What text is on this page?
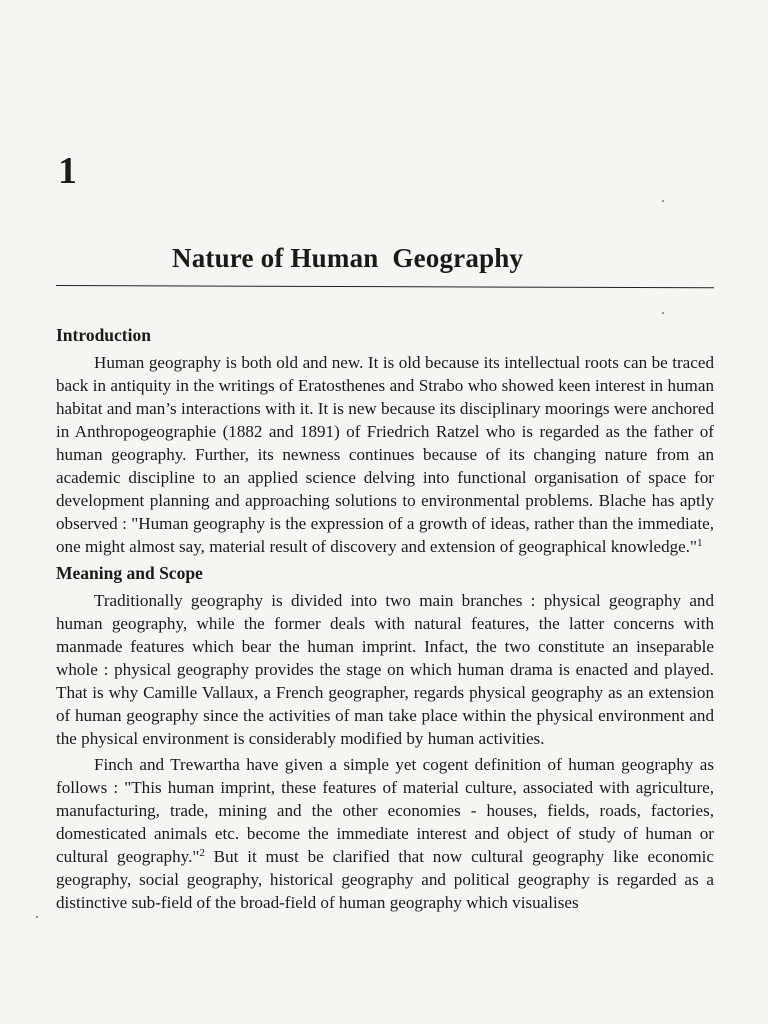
1
Nature of Human  Geography
Introduction

Human geography is both old and new. It is old because its intellectual roots can be traced back in antiquity in the writings of Eratosthenes and Strabo who showed keen interest in human habitat and man’s interactions with it. It is new because its disciplinary moorings were anchored in Anthropogeographie (1882 and 1891) of Friedrich Ratzel who is regarded as the father of human geography. Further, its newness continues because of its changing nature from an academic discipline to an applied science delving into functional organisation of space for development planning and approaching solutions to environmental problems. Blache has aptly observed : "Human geography is the expression of a growth of ideas, rather than the immediate, one might almost say, material result of discovery and extension of geographical knowledge."$^1$

Meaning and Scope

Traditionally geography is divided into two main branches : physical geography and human geography, while the former deals with natural features, the latter concerns with manmade features which bear the human imprint. Infact, the two constitute an inseparable whole : physical geography provides the stage on which human drama is enacted and played. That is why Camille Vallaux, a French geographer, regards physical geography as an extension of human geography since the activities of man take place within the physical environment and the physical environment is considerably modified by human activities.

Finch and Trewartha have given a simple yet cogent definition of human geography as follows : "This human imprint, these features of material culture, associated with agriculture, manufacturing, trade, mining and the other economies - houses, fields, roads, factories, domesticated animals etc. become the immediate interest and object of study of human or cultural geography."$^2$ But it must be clarified that now cultural geography like economic geography, social geography, historical geography and political geography is regarded as a distinctive sub-field of the broad-field of human geography which visualises
